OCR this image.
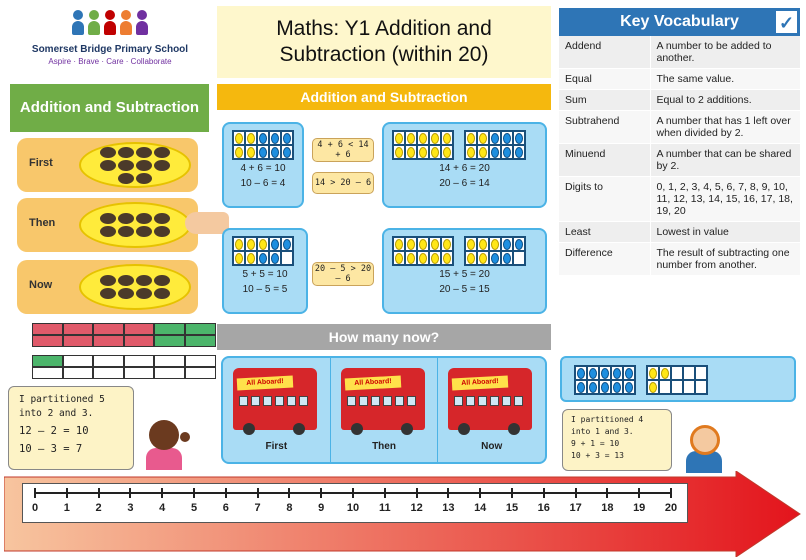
Somerset Bridge Primary School
Aspire · Brave · Care · Collaborate
Maths: Y1 Addition and
Subtraction (within 20)
Key Vocabulary	✓
Addend	A number to be added to another.
Equal	The same value.
Sum	Equal to 2 additions.
Subtrahend	A number that has 1 left over when divided by 2.
Minuend	A number that can be shared by 2.
Digits to	0, 1, 2, 3, 4, 5, 6, 7, 8, 9, 10, 11, 12, 13, 14, 15, 16, 17, 18, 19, 20
Least	Lowest in value
Difference	The result of subtracting one number from another.
Addition and Subtraction
First
Then
Now
I partitioned 5 into 2 and 3.
12 – 2 = 10
10 – 3 = 7
Addition and Subtraction
4 + 6 = 10
10 – 6 = 4
4 + 6 < 14 + 6
14 > 20 – 6
14 + 6 = 20
20 – 6 = 14
5 + 5 = 10
10 – 5 = 5
20 – 5 > 20 – 6	15 + 5 = 20
20 – 5 = 15
How many now?
All Aboard!
First
All Aboard!
Then
All Aboard!
Now
I partitioned 4 into 1 and 3.
9 + 1 = 10
10 + 3 = 13
0	1	2	3	4	5	6	7	8	9	10	11	12	13	14	15	16	17	18	19	20
